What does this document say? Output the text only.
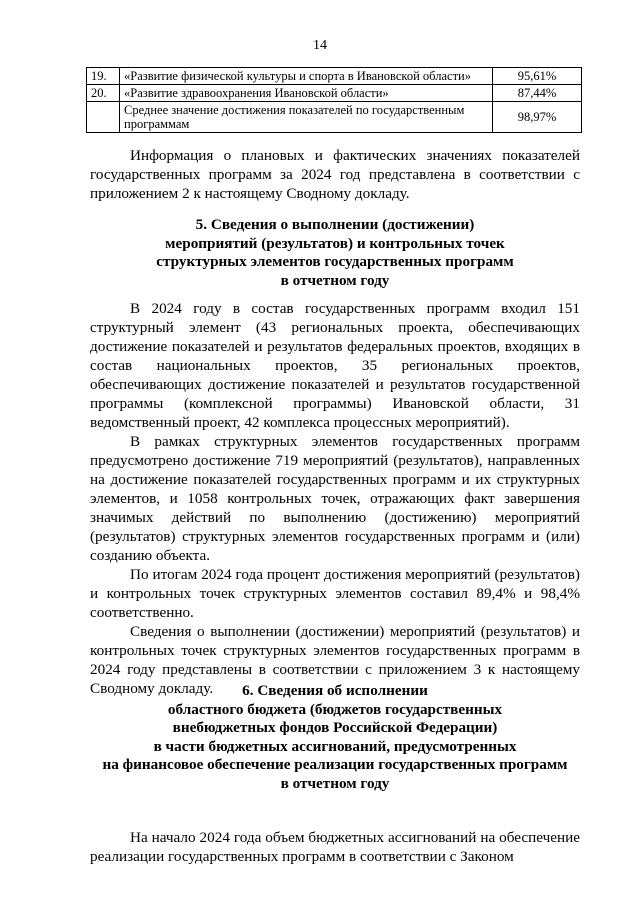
14
19.	«Развитие физической культуры и спорта в Ивановской области»	95,61%
20.	«Развитие здравоохранения Ивановской области»	87,44%
	Среднее значение достижения показателей по государственным программам	98,97%

Информация о плановых и фактических значениях показателей государственных программ за 2024 год представлена в соответствии с приложением 2 к настоящему Сводному докладу.

5. Сведения о выполнении (достижении)

мероприятий (результатов) и контрольных точек

структурных элементов государственных программ

в отчетном году

В 2024 году в состав государственных программ входил 151 структурный элемент (43 региональных проекта, обеспечивающих достижение показателей и результатов федеральных проектов, входящих в состав национальных проектов, 35 региональных проектов, обеспечивающих достижение показателей и результатов государственной программы (комплексной программы) Ивановской области, 31 ведомственный проект, 42 комплекса процессных мероприятий).

В рамках структурных элементов государственных программ предусмотрено достижение 719 мероприятий (результатов), направленных на достижение показателей государственных программ и их структурных элементов, и 1058 контрольных точек, отражающих факт завершения значимых действий по выполнению (достижению) мероприятий (результатов) структурных элементов государственных программ и (или) созданию объекта.

По итогам 2024 года процент достижения мероприятий (результатов) и контрольных точек структурных элементов составил 89,4% и 98,4% соответственно.

Сведения о выполнении (достижении) мероприятий (результатов) и контрольных точек структурных элементов государственных программ в 2024 году представлены в соответствии с приложением 3 к настоящему Сводному докладу.	6. Сведения об исполнении

областного бюджета (бюджетов государственных

внебюджетных фондов Российской Федерации)

в части бюджетных ассигнований, предусмотренных

на финансовое обеспечение реализации государственных программ

в отчетном году

На начало 2024 года объем бюджетных ассигнований на обеспечение реализации государственных программ в соответствии с Законом
